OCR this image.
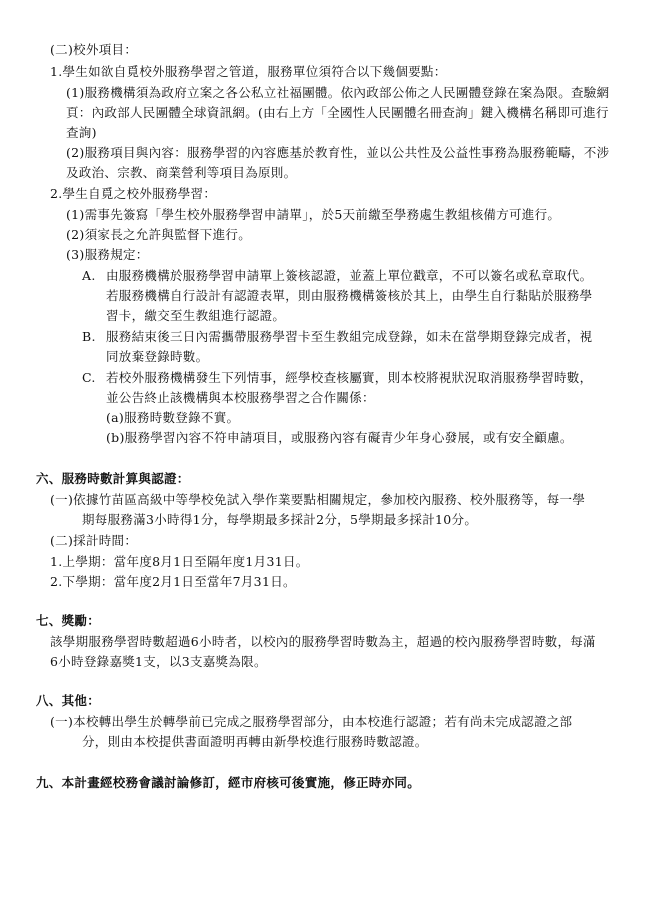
(二)校外項目：
1.學生如欲自覓校外服務學習之管道，服務單位須符合以下幾個要點：
(1)服務機構須為政府立案之各公私立社福團體。依內政部公佈之人民團體登錄在案為限。查驗網
頁：內政部人民團體全球資訊網。(由右上方「全國性人民團體名冊查詢」鍵入機構名稱即可進行
查詢)
(2)服務項目與內容：服務學習的內容應基於教育性，並以公共性及公益性事務為服務範疇，不涉
及政治、宗教、商業營利等項目為原則。
2.學生自覓之校外服務學習：
(1)需事先簽寫「學生校外服務學習申請單」，於5天前繳至學務處生教組核備方可進行。
(2)須家長之允許與監督下進行。
(3)服務規定：
A. 由服務機構於服務學習申請單上簽核認證，並蓋上單位戳章，不可以簽名或私章取代。
若服務機構自行設計有認證表單，則由服務機構簽核於其上，由學生自行黏貼於服務學
習卡，繳交至生教組進行認證。
B. 服務結束後三日內需攜帶服務學習卡至生教組完成登錄，如未在當學期登錄完成者，視
同放棄登錄時數。
C. 若校外服務機構發生下列情事，經學校查核屬實，則本校將視狀況取消服務學習時數，
並公告終止該機構與本校服務學習之合作關係：
(a)服務時數登錄不實。
(b)服務學習內容不符申請項目，或服務內容有礙青少年身心發展，或有安全顧慮。
六、服務時數計算與認證：
(一)依據竹苗區高級中等學校免試入學作業要點相關規定，參加校內服務、校外服務等，每一學
期每服務滿3小時得1分，每學期最多採計2分，5學期最多採計10分。
(二)採計時間：
1.上學期：當年度8月1日至隔年度1月31日。
2.下學期：當年度2月1日至當年7月31日。
七、獎勵：
該學期服務學習時數超過6小時者，以校內的服務學習時數為主，超過的校內服務學習時數，每滿
6小時登錄嘉獎1支，以3支嘉獎為限。
八、其他：
(一)本校轉出學生於轉學前已完成之服務學習部分，由本校進行認證；若有尚未完成認證之部
分，則由本校提供書面證明再轉由新學校進行服務時數認證。
九、本計畫經校務會議討論修訂，經市府核可後實施，修正時亦同。
